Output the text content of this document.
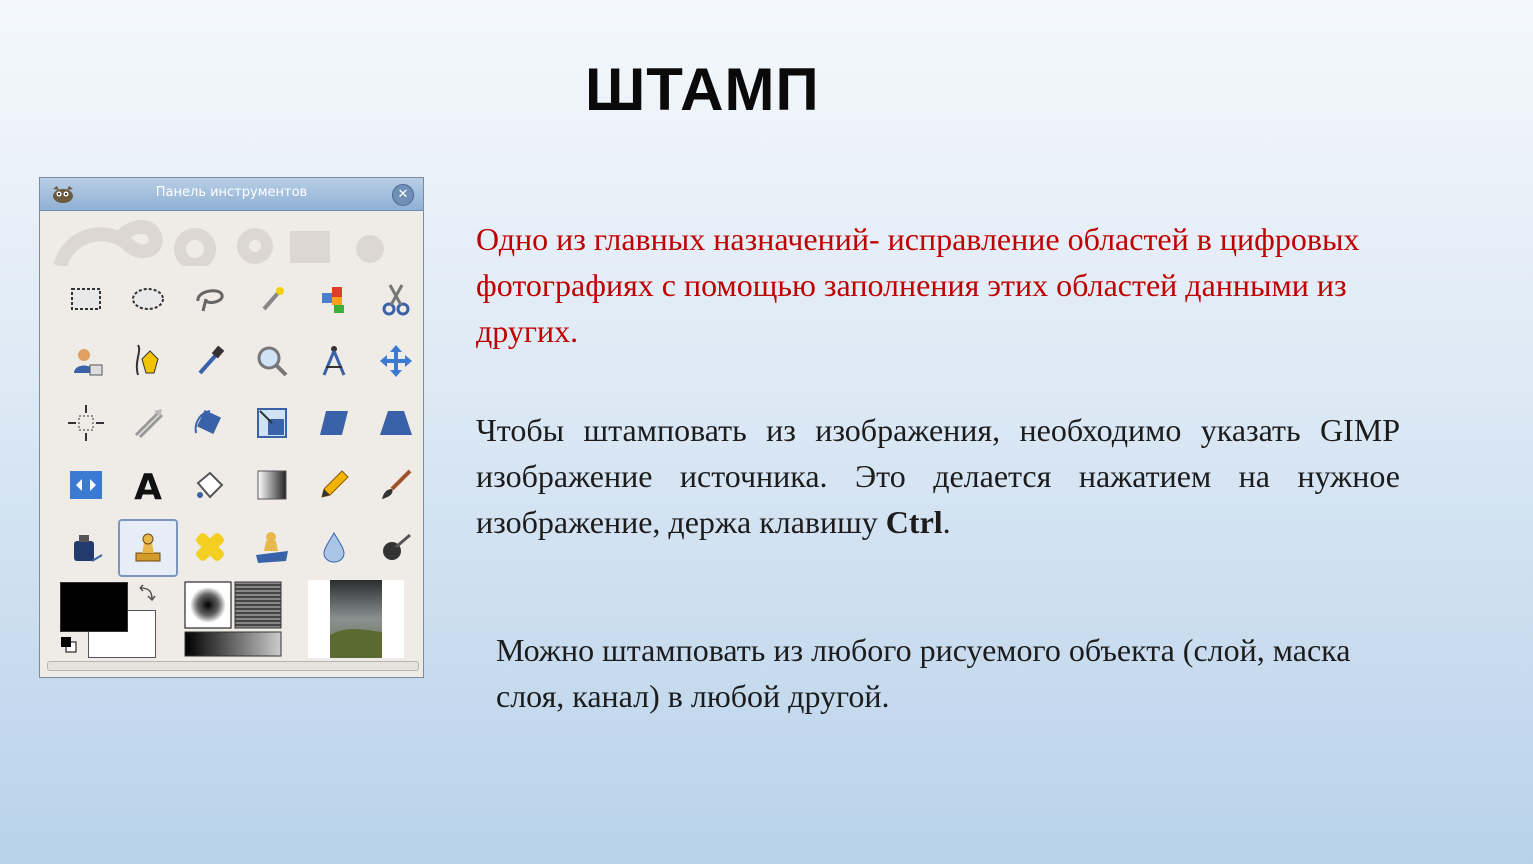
ШТАМП
Панель инструментов	✕
A
Одно из главных назначений- исправление областей в цифровых фотографиях с помощью заполнения этих областей данными из других.
Чтобы штамповать из изображения, необходимо указать GIMP изображение источника. Это делается нажатием на нужное изображение, держа клавишу Ctrl.
Можно штамповать из любого рисуемого объекта (слой, маска слоя, канал) в любой другой.
